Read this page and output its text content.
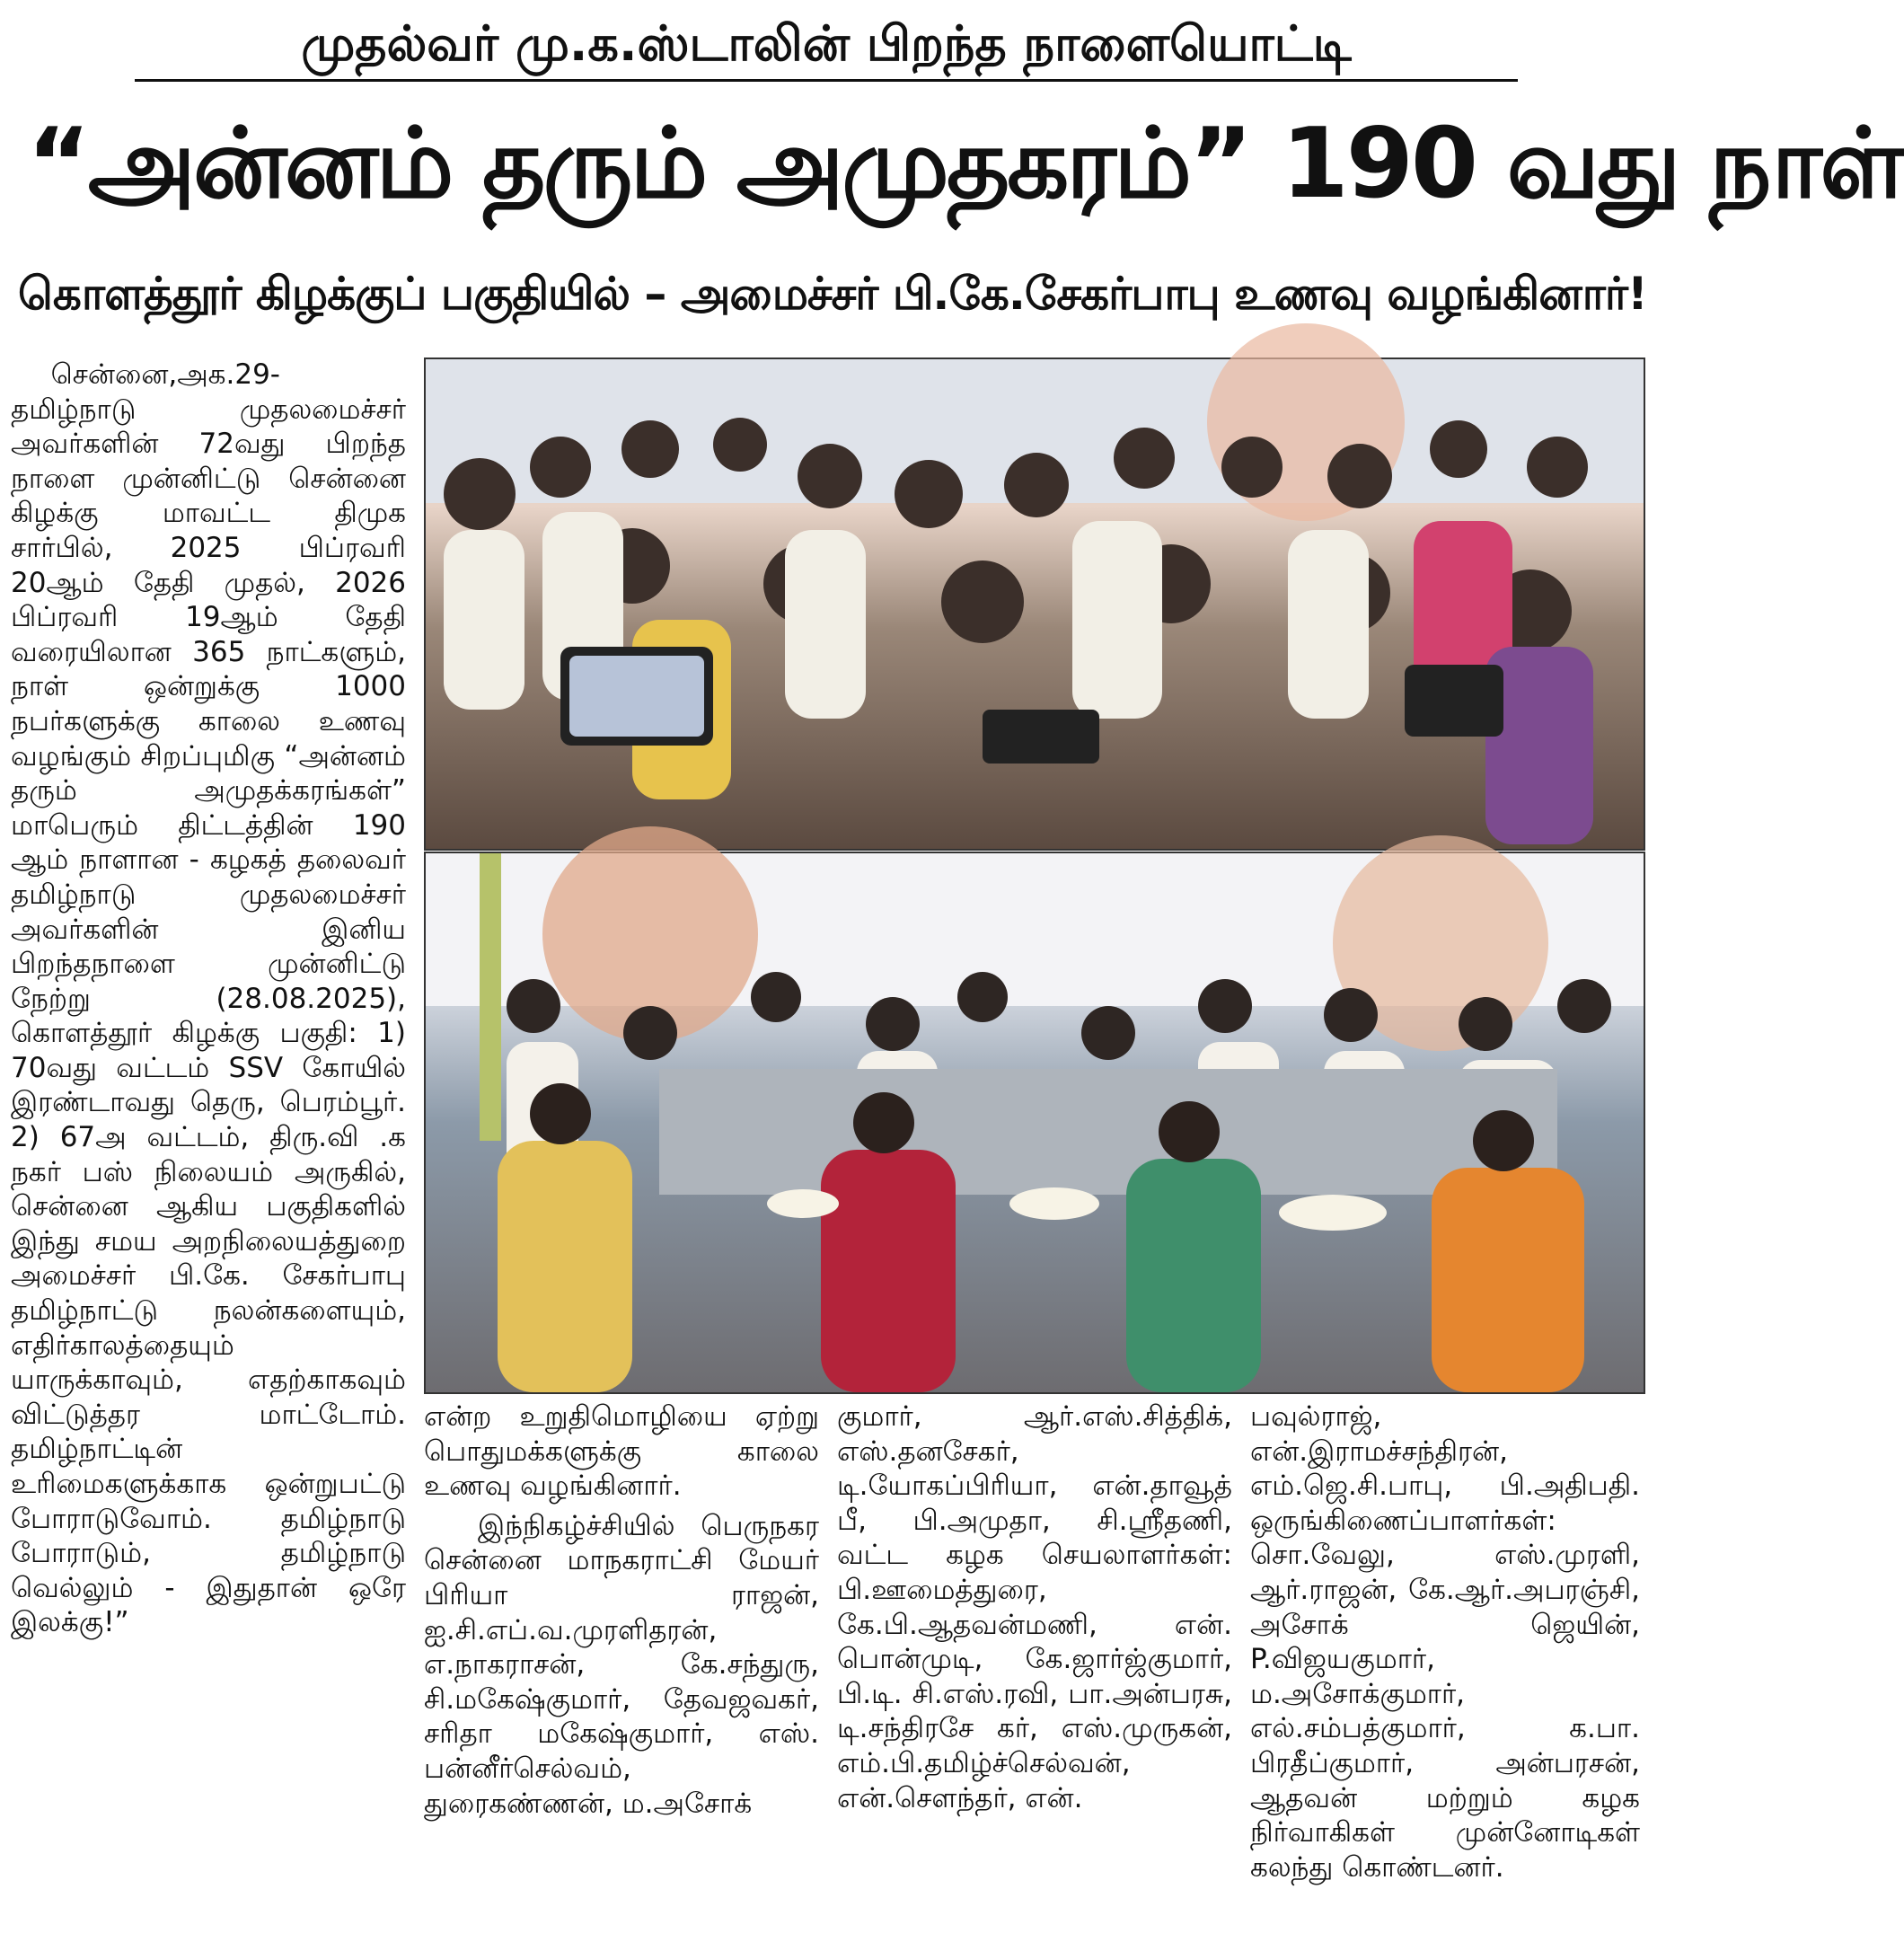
முதல்வர் மு.க.ஸ்டாலின் பிறந்த நாளையொட்டி
“அன்னம் தரும் அமுதகரம்” 190 வது நாள்
கொளத்தூர் கிழக்குப் பகுதியில் – அமைச்சர் பி.கே.சேகர்பாபு உணவு வழங்கினார்!

சென்னை,அக.29-

தமிழ்நாடு முதலமைச்சர் அவர்களின் 72வது பிறந்த நாளை முன்னிட்டு சென்னை கிழக்கு மாவட்ட திமுக சார்பில், 2025 பிப்ரவரி 20ஆம் தேதி முதல், 2026 பிப்ரவரி 19ஆம் தேதி வரையிலான 365 நாட்களும், நாள் ஒன்றுக்கு 1000 நபர்களுக்கு காலை உணவு வழங்கும் சிறப்புமிகு “அன்னம் தரும் அமுதக்கரங்கள்” மாபெரும் திட்டத்தின் 190 ஆம் நாளான - கழகத் தலைவர் தமிழ்நாடு முதலமைச்சர் அவர்களின் இனிய பிறந்தநாளை முன்னிட்டு நேற்று (28.08.2025), கொளத்தூர் கிழக்கு பகுதி: 1) 70வது வட்டம் SSV கோயில் இரண்டாவது தெரு, பெரம்பூர். 2) 67அ வட்டம், திரு.வி .க நகர் பஸ் நிலையம் அருகில், சென்னை ஆகிய பகுதிகளில் இந்து சமய அறநிலையத்துறை அமைச்சர் பி.கே. சேகர்பாபு தமிழ்நாட்டு நலன்களையும், எதிர்காலத்தையும் யாருக்காவும், எதற்காகவும் விட்டுத்தர மாட்டோம். தமிழ்நாட்டின் உரிமைகளுக்காக ஒன்றுபட்டு போராடுவோம். தமிழ்நாடு போராடும், தமிழ்நாடு வெல்லும் - இதுதான் ஒரே இலக்கு!”

என்ற உறுதிமொழியை ஏற்று பொதுமக்களுக்கு காலை உணவு வழங்கினார்.

இந்நிகழ்ச்சியில் பெருநகர சென்னை மாநகராட்சி மேயர் பிரியா ராஜன், ஐ.சி.எப்.வ.முரளிதரன், எ.நாகராசன், கே.சந்துரு, சி.மகேஷ்குமார், தேவஜவகர், சரிதா மகேஷ்குமார், எஸ். பன்னீர்செல்வம், துரைகண்ணன், ம.அசோக்

குமார், ஆர்.எஸ்.சித்திக், எஸ்.தனசேகர், டி.யோகப்பிரியா, என்.தாவூத் பீ, பி.அமுதா, சி.ஸ்ரீதணி, வட்ட கழக செயலாளர்கள்: பி.ஊமைத்துரை, கே.பி.ஆதவன்மணி, என். பொன்முடி, கே.ஜார்ஜ்குமார், பி.டி. சி.எஸ்.ரவி, பா.அன்பரசு, டி.சந்திரசே கர், எஸ்.முருகன், எம்.பி.தமிழ்ச்செல்வன், என்.சௌந்தர், என்.

பவுல்ராஜ், என்.இராமச்சந்திரன், எம்.ஜெ.சி.பாபு, பி.அதிபதி. ஒருங்கிணைப்பாளர்கள்: சொ.வேலு, எஸ்.முரளி, ஆர்.ராஜன், கே.ஆர்.அபரஞ்சி, அசோக் ஜெயின், P.விஜயகுமார், ம.அசோக்குமார், எல்.சம்பத்குமார், க.பா. பிரதீப்குமார், அன்பரசன், ஆதவன் மற்றும் கழக நிர்வாகிகள் முன்னோடிகள் கலந்து கொண்டனர்.
